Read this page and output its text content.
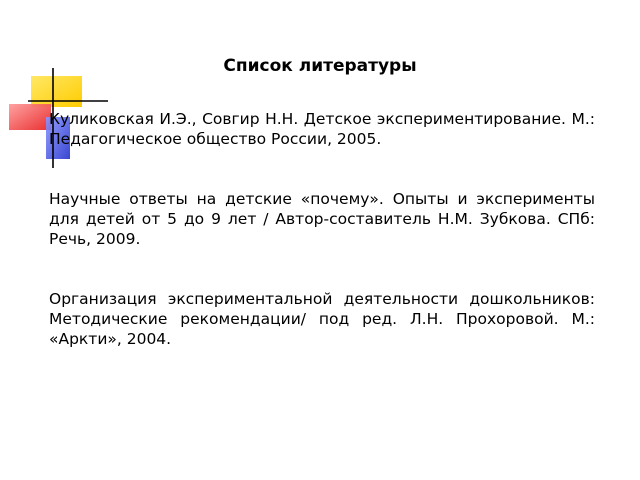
Список литературы

Куликовская И.Э., Совгир Н.Н. Детское экспериментирование. М.: Педагогическое общество России, 2005.

Научные ответы на детские «почему». Опыты и эксперименты для детей от 5 до 9 лет / Автор-составитель Н.М. Зубкова. СПб: Речь, 2009.

Организация экспериментальной деятельности дошкольников: Методические рекомендации/ под ред. Л.Н. Прохоровой. М.: «Аркти», 2004.
